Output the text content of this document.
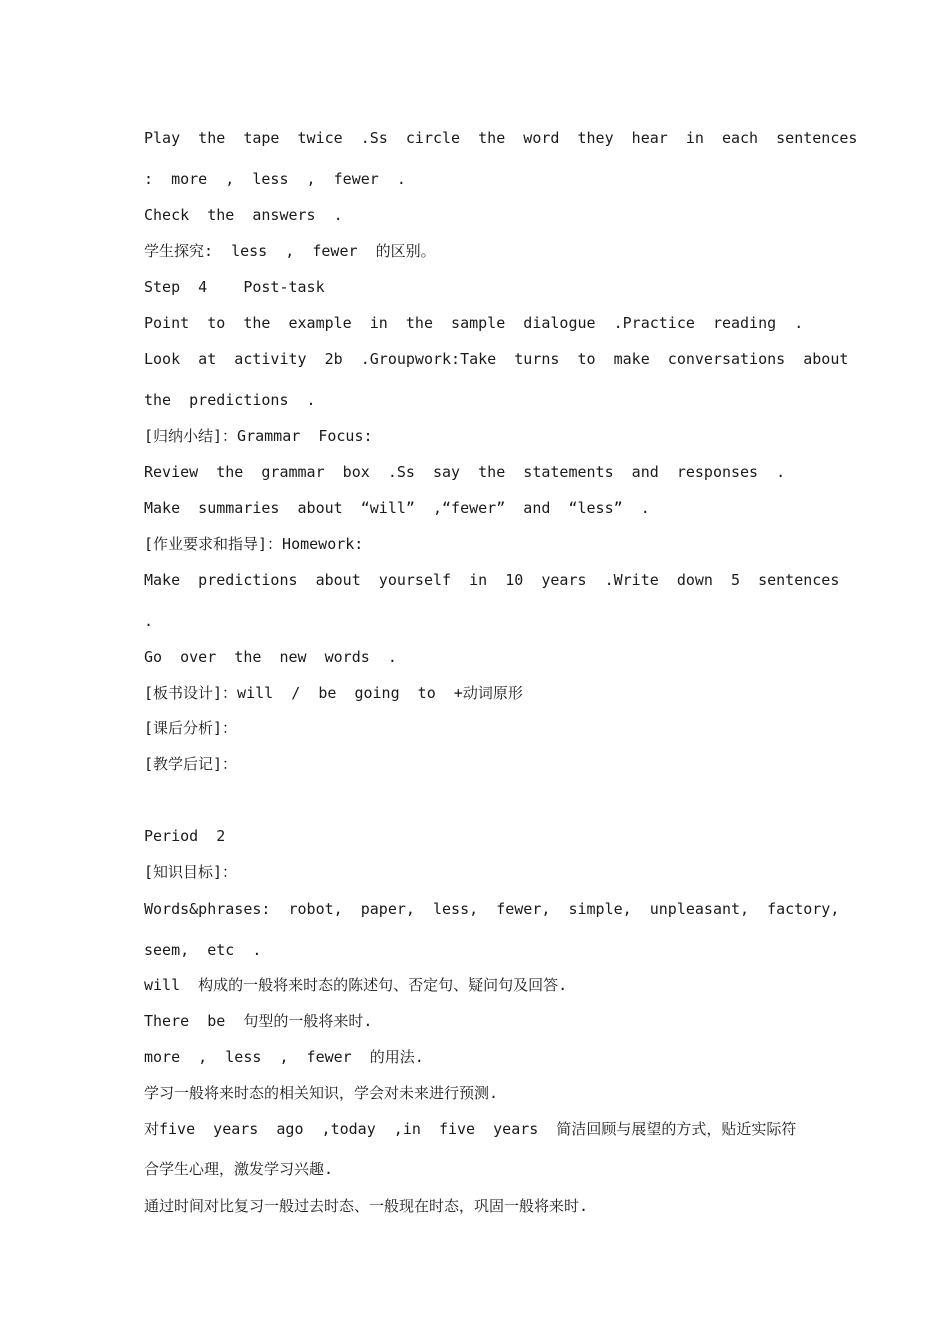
Play  the  tape  twice  .Ss  circle  the  word  they  hear  in  each  sentences
:  more  ,  less  ,  fewer  .
Check  the  answers  .
学生探究:  less  ,  fewer  的区别。
Step  4    Post-task
Point  to  the  example  in  the  sample  dialogue  .Practice  reading  .
Look  at  activity  2b  .Groupwork:Take  turns  to  make  conversations  about
the  predictions  .
[归纳小结]：Grammar  Focus:
Review  the  grammar  box  .Ss  say  the  statements  and  responses  .
Make  summaries  about  “will”  ,“fewer”  and  “less”  .
[作业要求和指导]：Homework:
Make  predictions  about  yourself  in  10  years  .Write  down  5  sentences
.
Go  over  the  new  words  .
[板书设计]：will  /  be  going  to  +动词原形
[课后分析]：
[教学后记]：
Period  2
[知识目标]：
Words&phrases:  robot,  paper,  less,  fewer,  simple,  unpleasant,  factory,
seem,  etc  .
will  构成的一般将来时态的陈述句、否定句、疑问句及回答.
There  be  句型的一般将来时.
more  ,  less  ,  fewer  的用法.
学习一般将来时态的相关知识，学会对未来进行预测.
对five  years  ago  ,today  ,in  five  years  简洁回顾与展望的方式，贴近实际符
合学生心理，激发学习兴趣.
通过时间对比复习一般过去时态、一般现在时态，巩固一般将来时.
